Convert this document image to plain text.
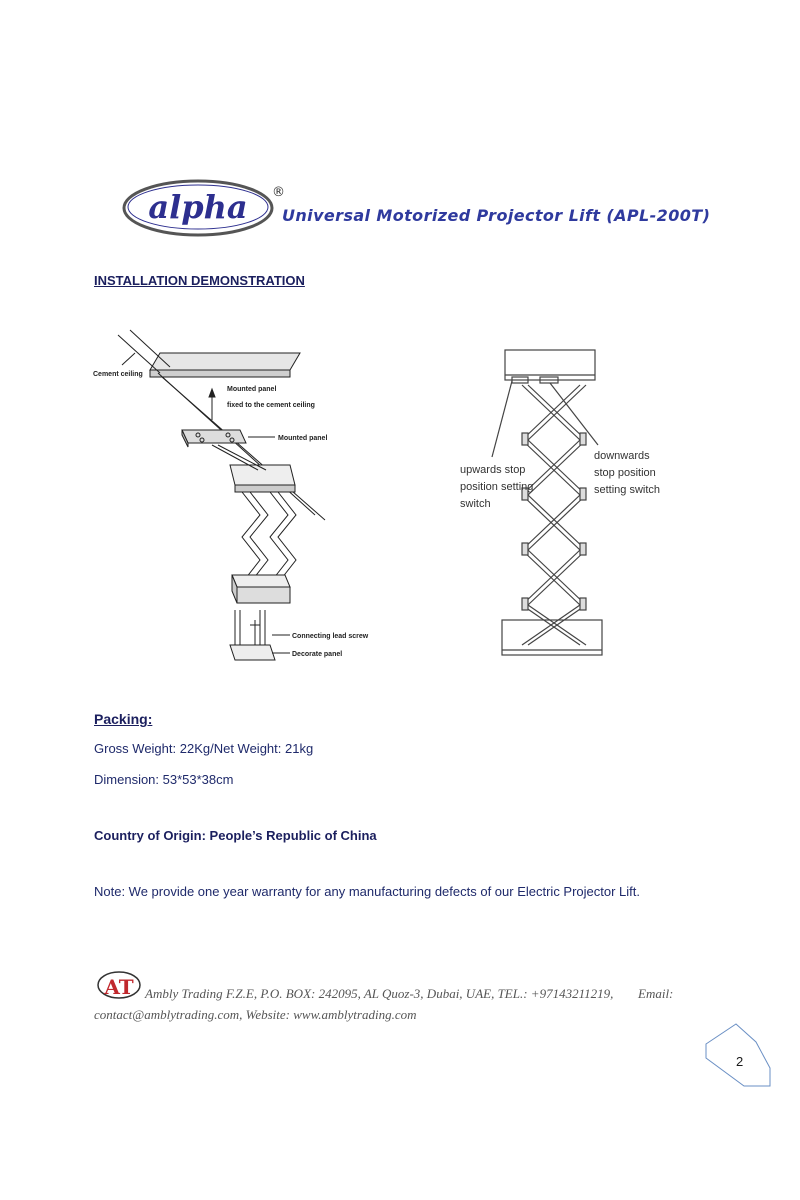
alpha ®
Universal Motorized Projector Lift (APL-200T)
INSTALLATION DEMONSTRATION
Cement ceiling
Mounted panel
fixed to the cement ceiling
Mounted panel
Connecting lead screw
Decorate panel
upwards stop
position setting
switch
downwards
stop position
setting switch
Packing:
Gross Weight: 22Kg/Net Weight: 21kg
Dimension: 53*53*38cm
Country of Origin: People’s Republic of China
Note: We provide one year warranty for any manufacturing defects of our Electric Projector Lift.
AT Ambly Trading F.Z.E, P.O. BOX: 242095, AL Quoz-3, Dubai, UAE, TEL.: +97143211219, Email:
contact@amblytrading.com, Website: www.amblytrading.com
2
